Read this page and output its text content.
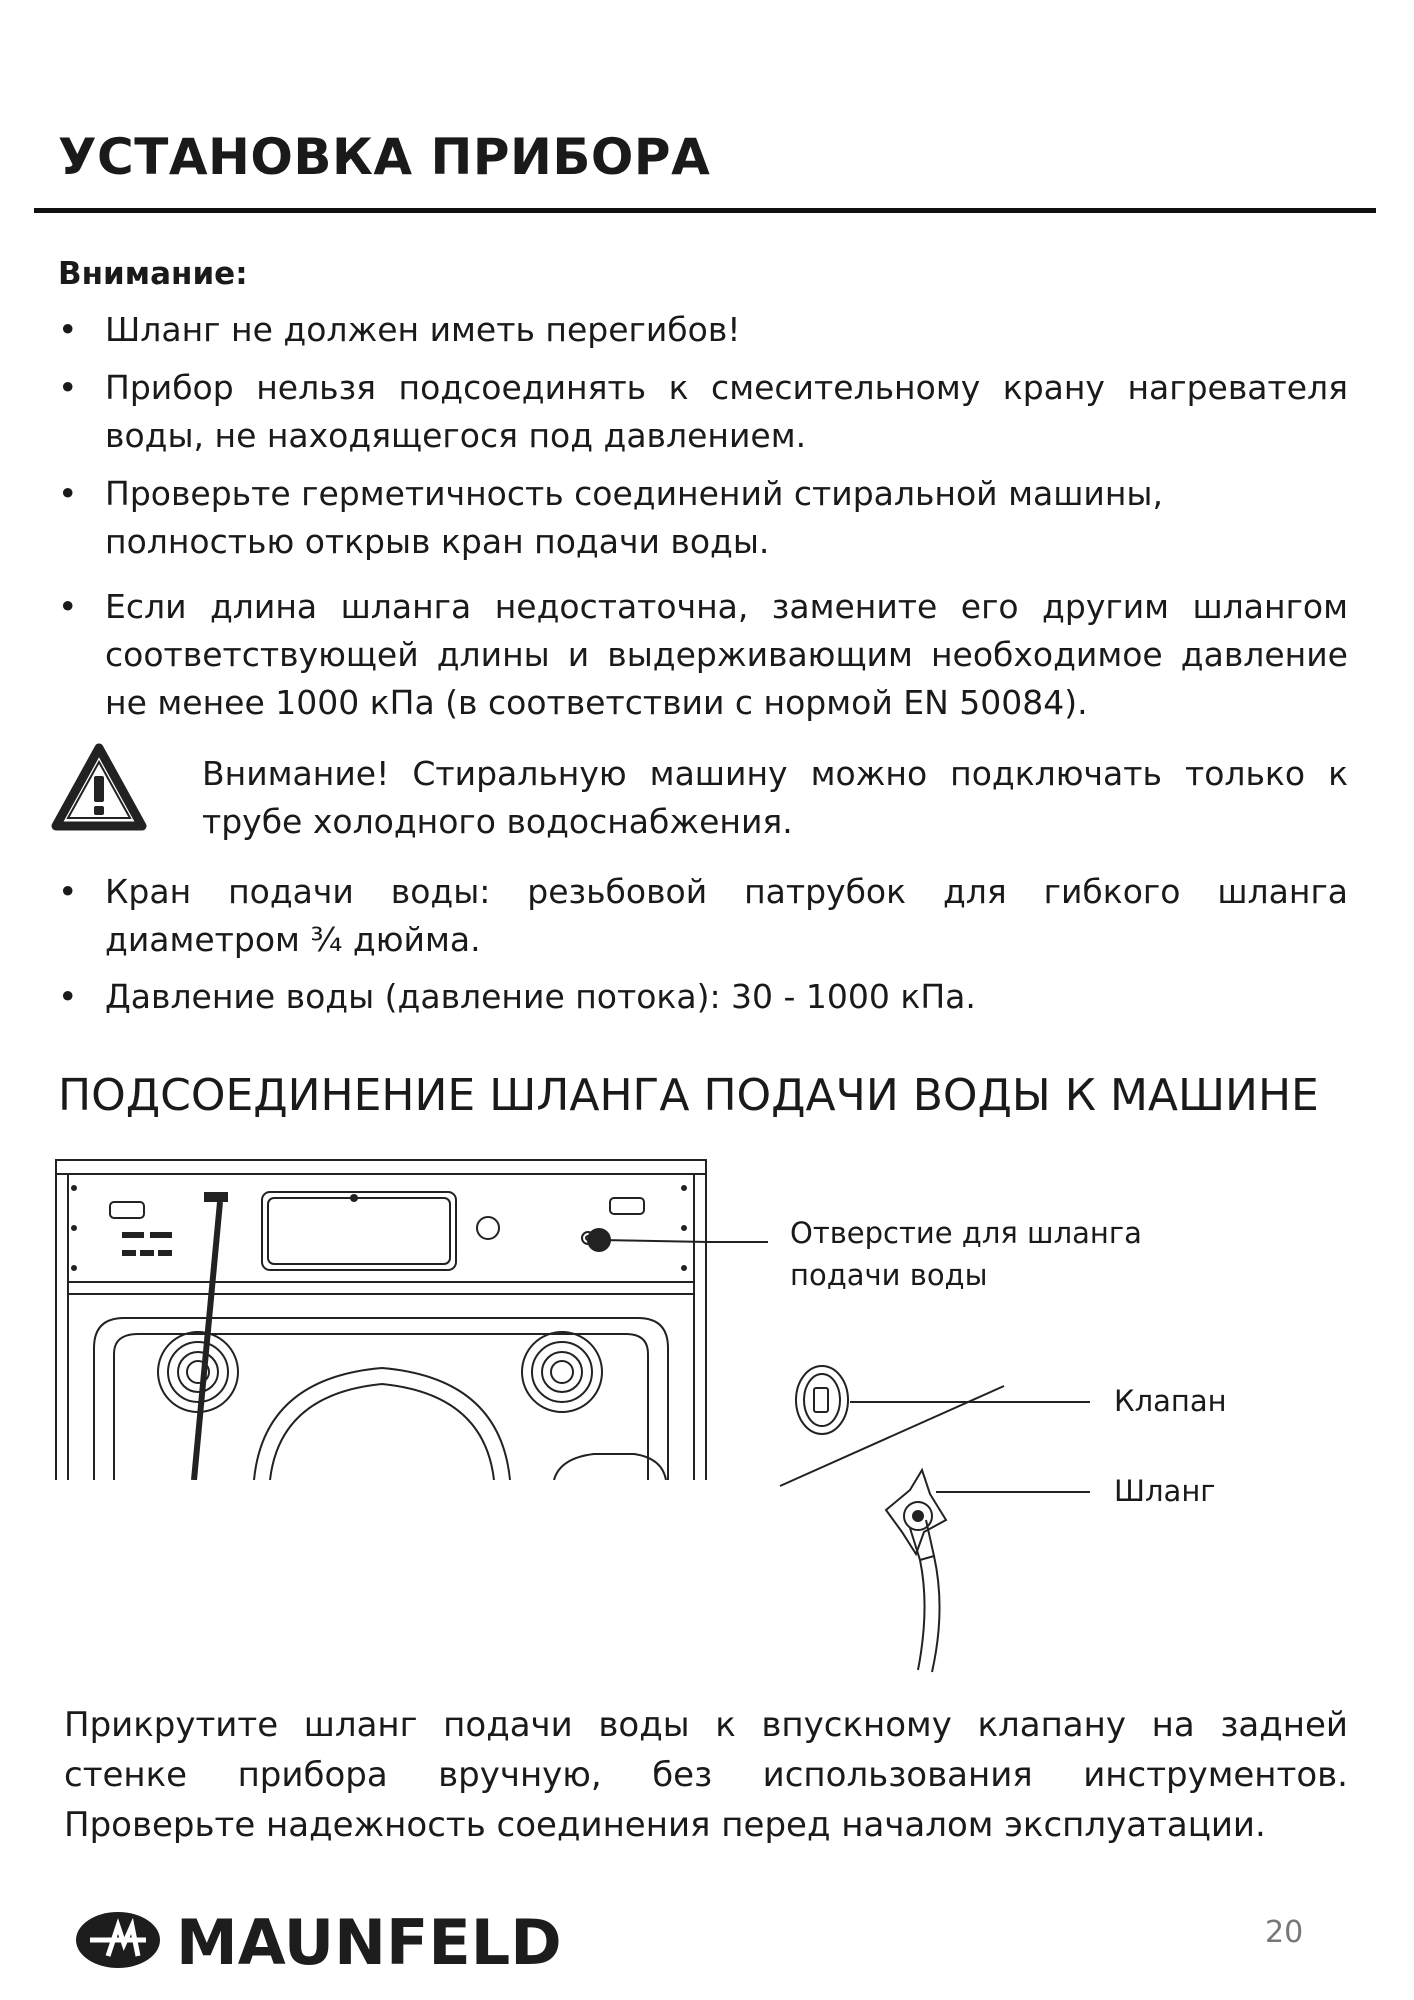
УСТАНОВКА ПРИБОРА
Внимание:
• Шланг не должен иметь перегибов!
• Прибор нельзя подсоединять к смесительному крану нагревателя воды, не находящегося под давлением.
• Проверьте герметичность соединений стиральной машины, полностью открыв кран подачи воды.
• Если длина шланга недостаточна, замените его другим шлангом соответствующей длины и выдерживающим необходимое давление не менее 1000 кПа (в соответствии с нормой EN 50084).
Внимание! Стиральную машину можно подключать только к трубе холодного водоснабжения.
• Кран подачи воды: резьбовой патрубок для гибкого шланга диаметром ¾ дюйма.
• Давление воды (давление потока): 30 - 1000 кПа.
ПОДСОЕДИНЕНИЕ ШЛАНГА ПОДАЧИ ВОДЫ К МАШИНЕ
Отверстие для шланга
подачи воды
Клапан
Шланг
Прикрутите шланг подачи воды к впускному клапану на задней стенке прибора вручную, без использования инструментов. Проверьте надежность соединения перед началом эксплуатации.
MAUNFELD	20
